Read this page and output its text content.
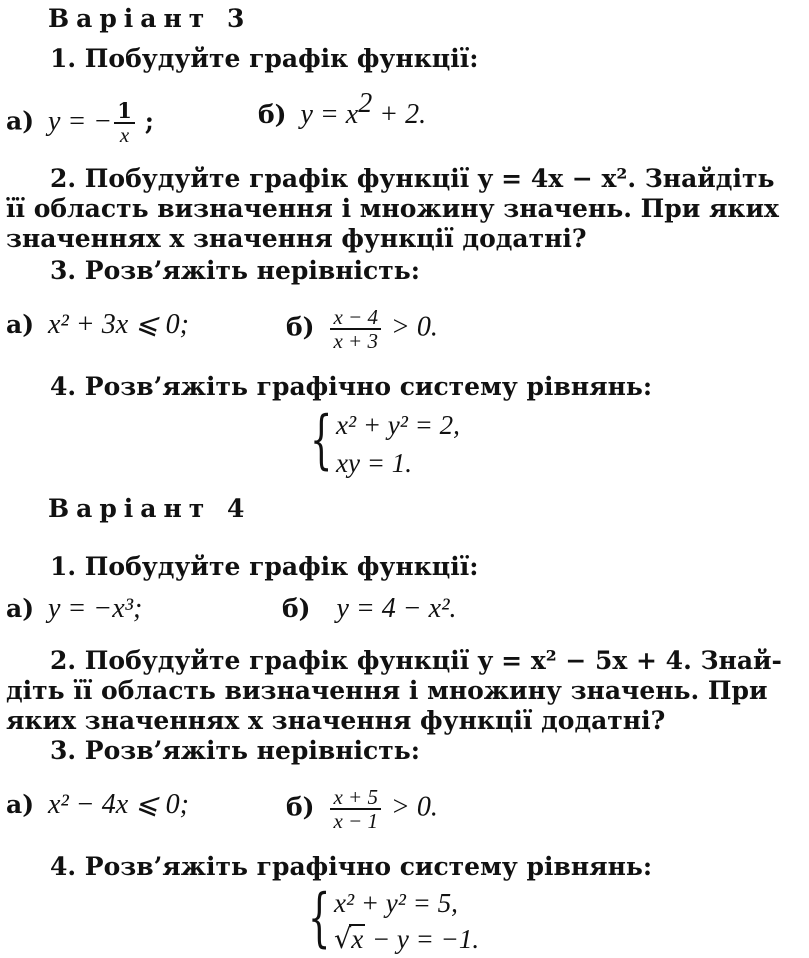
Варіант 3
1. Побудуйте графік функції:
а) y = − $\frac{1}{x}$ ;	б) $y = x^2 + 2$.
2. Побудуйте графік функції y = 4x − x². Знайдіть
її область визначення і множину значень. При яких
значеннях x значення функції додатні?
3. Розв’яжіть нерівність:
а) x² + 3x ⩽ 0;	$б) \frac{x - 4}{x + 3} > 0$.
4. Розв’яжіть графічно систему рівнянь:
{ x² + y² = 2,
xy = 1.
Варіант 4
1. Побудуйте графік функції:
а) y = −x³;	б) y = 4 − x².
2. Побудуйте графік функції y = x² − 5x + 4. Знай-
діть її область визначення і множину значень. При
яких значеннях x значення функції додатні?
3. Розв’яжіть нерівність:
а) x² − 4x ⩽ 0;	$б) \frac{x + 5}{x - 1} > 0$.
4. Розв’яжіть графічно систему рівнянь:
{ x² + y² = 5,
√x − y = −1.
